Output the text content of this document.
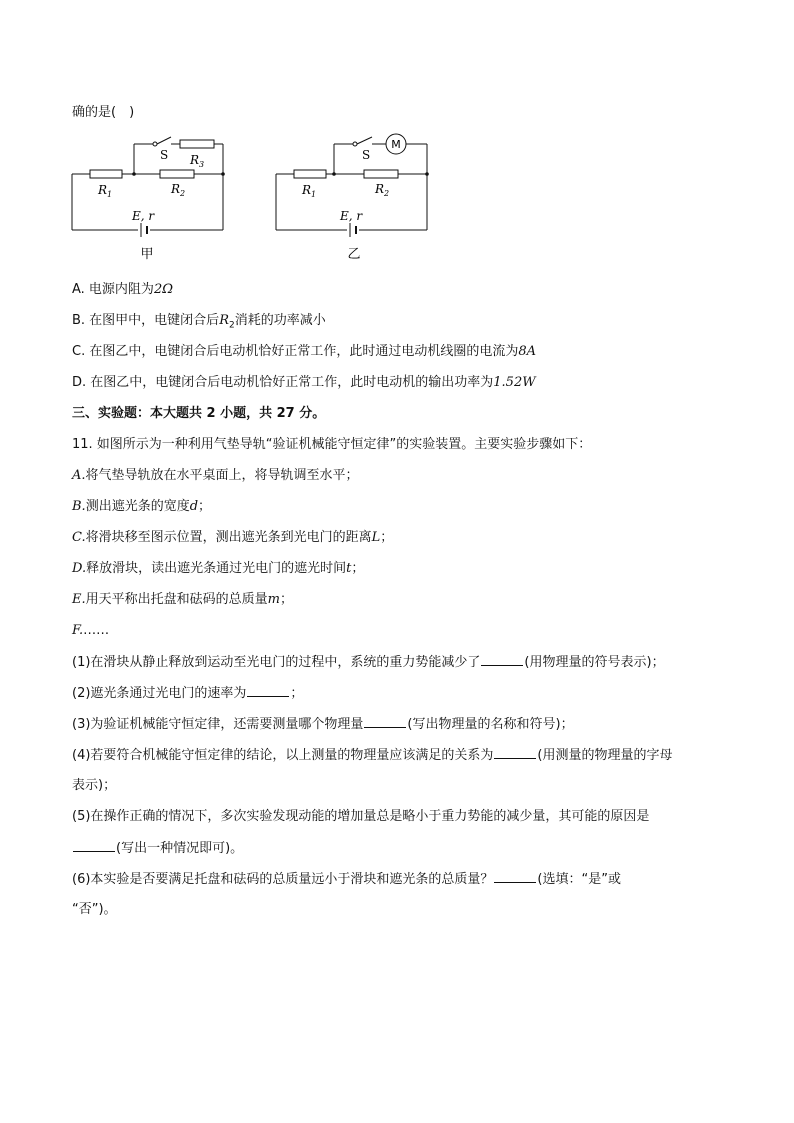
确的是(　)
S $R_3$
$R_1$	$R_2$
E, r
甲
M
S
$R_1$	$R_2$
E, r
乙
A. 电源内阻为2Ω
B. 在图甲中，电键闭合后$R_2$消耗的功率减小
C. 在图乙中，电键闭合后电动机恰好正常工作，此时通过电动机线圈的电流为8A
D. 在图乙中，电键闭合后电动机恰好正常工作，此时电动机的输出功率为1.52W
三、实验题：本大题共 2 小题，共 27 分。
11. 如图所示为一种利用气垫导轨“验证机械能守恒定律”的实验装置。主要实验步骤如下：
A.将气垫导轨放在水平桌面上，将导轨调至水平；
B.测出遮光条的宽度d；
C.将滑块移至图示位置，测出遮光条到光电门的距离L；
D.释放滑块，读出遮光条通过光电门的遮光时间t；
E.用天平称出托盘和砝码的总质量m；
F.……
(1)在滑块从静止释放到运动至光电门的过程中，系统的重力势能减少了	(用物理量的符号表示)；
(2)遮光条通过光电门的速率为	；
(3)为验证机械能守恒定律，还需要测量哪个物理量	(写出物理量的名称和符号)；
(4)若要符合机械能守恒定律的结论，以上测量的物理量应该满足的关系为	(用测量的物理量的字母
表示)；
(5)在操作正确的情况下，多次实验发现动能的增加量总是略小于重力势能的减少量，其可能的原因是
(写出一种情况即可)。
(6)本实验是否要满足托盘和砝码的总质量远小于滑块和遮光条的总质量？	(选填：“是”或
“否”)。
